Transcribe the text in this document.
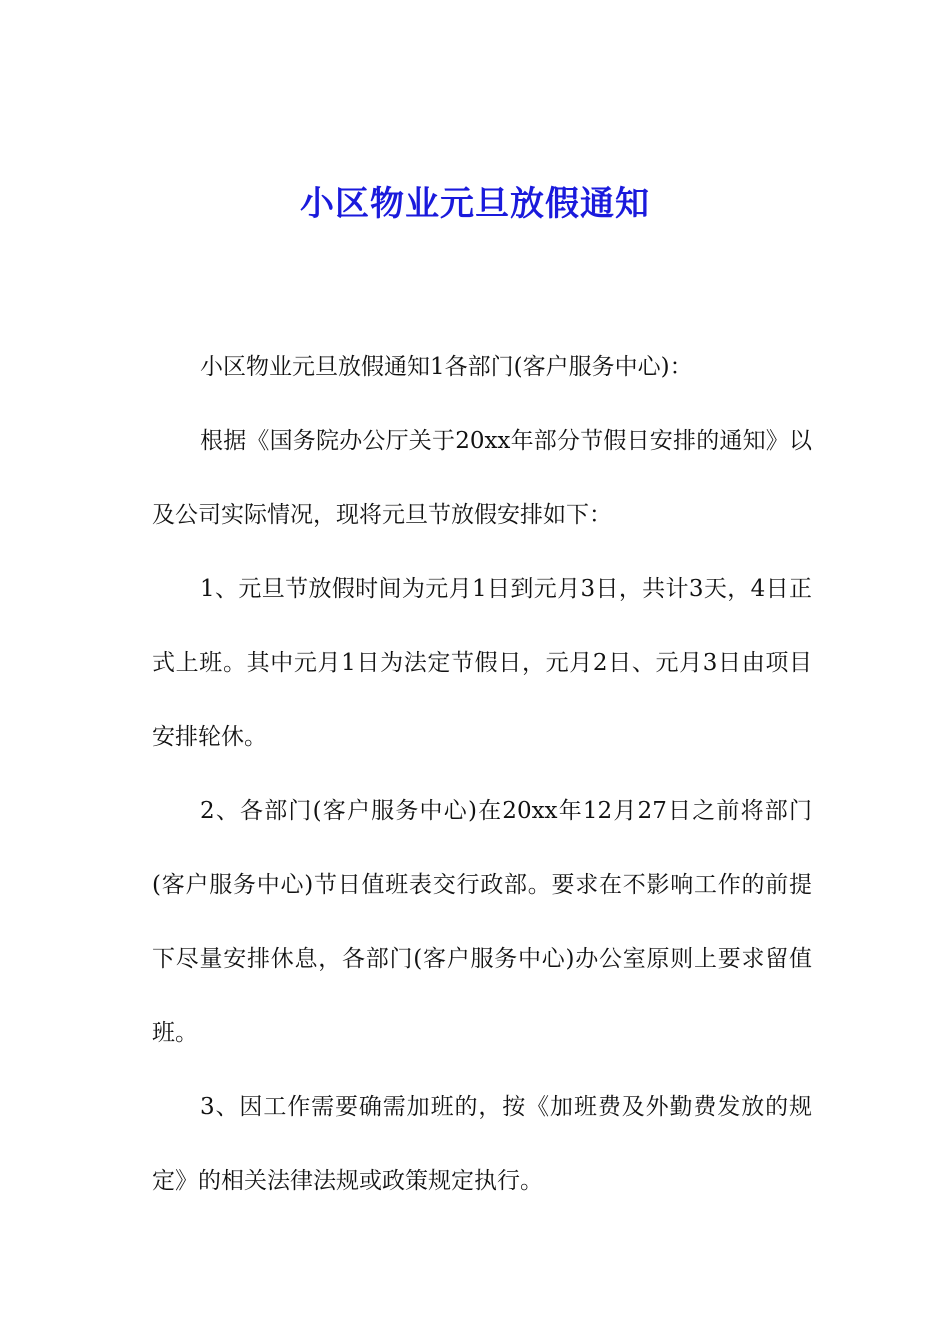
小区物业元旦放假通知

小区物业元旦放假通知1各部门(客户服务中心)：

根据《国务院办公厅关于20xx年部分节假日安排的通知》以及公司实际情况，现将元旦节放假安排如下：

1、元旦节放假时间为元月1日到元月3日，共计3天，4日正式上班。其中元月1日为法定节假日，元月2日、元月3日由项目安排轮休。

2、各部门(客户服务中心)在20xx年12月27日之前将部门(客户服务中心)节日值班表交行政部。要求在不影响工作的前提下尽量安排休息，各部门(客户服务中心)办公室原则上要求留值班。

3、因工作需要确需加班的，按《加班费及外勤费发放的规定》的相关法律法规或政策规定执行。
